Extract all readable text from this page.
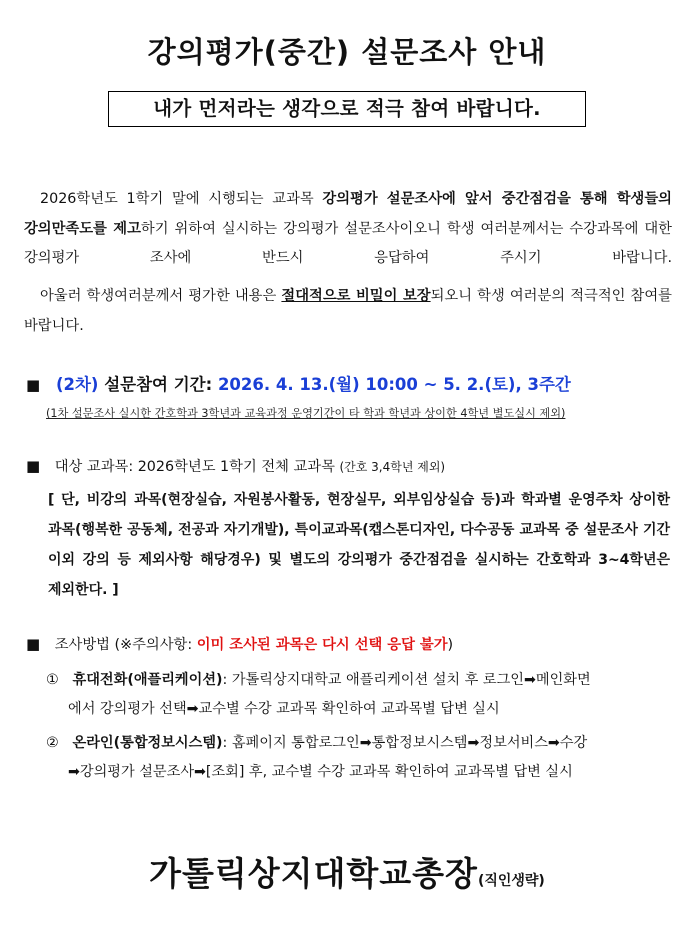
강의평가(중간) 설문조사 안내
내가 먼저라는 생각으로 적극 참여 바랍니다.

2026학년도 1학기 말에 시행되는 교과목 강의평가 설문조사에 앞서 중간점검을 통해 학생들의 강의만족도를 제고하기 위하여 실시하는 강의평가 설문조사이오니 학생 여러분께서는 수강과목에 대한 강의평가 조사에 반드시 응답하여 주시기 바랍니다.

아울러 학생여러분께서 평가한 내용은 절대적으로 비밀이 보장되오니 학생 여러분의 적극적인 참여를 바랍니다.

■ (2차) 설문참여 기간: 2026. 4. 13.(월) 10:00 ~ 5. 2.(토), 3주간
(1차 설문조사 실시한 간호학과 3학년과 교육과정 운영기간이 타 학과 학년과 상이한 4학년 별도실시 제외)
■ 대상 교과목: 2026학년도 1학기 전체 교과목 (간호 3,4학년 제외)

[ 단, 비강의 과목(현장실습, 자원봉사활동, 현장실무, 외부임상실습 등)과 학과별 운영주차 상이한 과목(행복한 공동체, 전공과 자기개발), 특이교과목(캡스톤디자인, 다수공동 교과목 중 설문조사 기간 이외 강의 등 제외사항 해당경우) 및 별도의 강의평가 중간점검을 실시하는 간호학과 3~4학년은 제외한다. ]

■ 조사방법 (※주의사항: 이미 조사된 과목은 다시 선택 응답 불가)
① 휴대전화(애플리케이션): 가톨릭상지대학교 애플리케이션 설치 후 로그인➡메인화면
에서 강의평가 선택➡교수별 수강 교과목 확인하여 교과목별 답변 실시
② 온라인(통합정보시스템): 홈페이지 통합로그인➡통합정보시스템➡정보서비스➡수강
➡강의평가 설문조사➡[조회] 후, 교수별 수강 교과목 확인하여 교과목별 답변 실시
가톨릭상지대학교총장(직인생략)
